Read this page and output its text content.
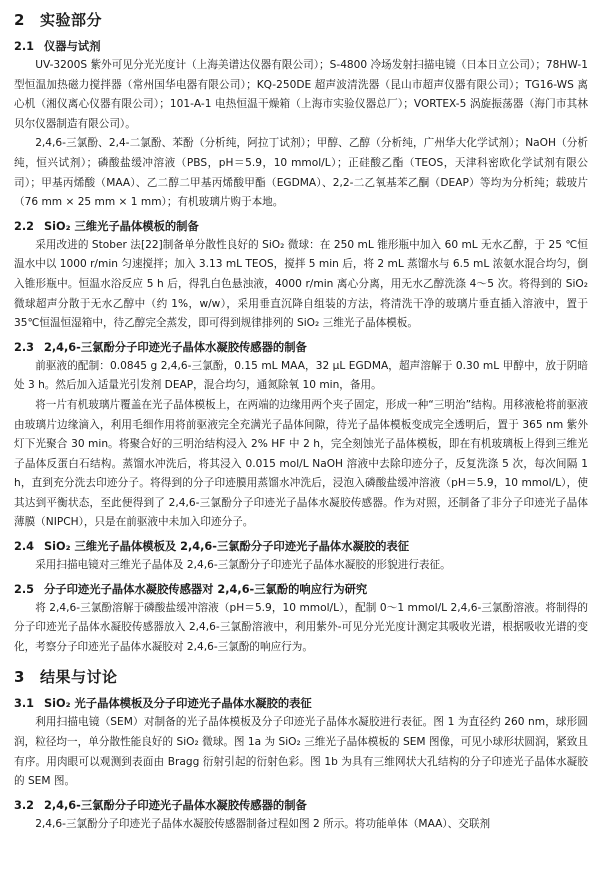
2 实验部分
2.1 仪器与试剂

UV-3200S 紫外可见分光光度计（上海美谱达仪器有限公司）；S-4800 冷场发射扫描电镜（日本日立公司）；78HW-1 型恒温加热磁力搅拌器（常州国华电器有限公司）；KQ-250DE 超声波清洗器（昆山市超声仪器有限公司）；TG16-WS 离心机（湘仪离心仪器有限公司）；101-A-1 电热恒温干燥箱（上海市实验仪器总厂）；VORTEX-5 涡旋振荡器（海门市其林贝尔仪器制造有限公司）。

2,4,6-三氯酚、2,4-二氯酚、苯酚（分析纯，阿拉丁试剂）；甲醇、乙醇（分析纯，广州华大化学试剂）；NaOH（分析纯，恒兴试剂）；磷酸盐缓冲溶液（PBS，pH＝5.9，10 mmol/L）；正硅酸乙酯（TEOS，天津科密欧化学试剂有限公司）；甲基丙烯酸（MAA）、乙二醇二甲基丙烯酸甲酯（EGDMA）、2,2-二乙氧基苯乙酮（DEAP）等均为分析纯；载玻片（76 mm × 25 mm × 1 mm）；有机玻璃片购于本地。

2.2 SiO₂ 三维光子晶体模板的制备

采用改进的 Stober 法[22]制备单分散性良好的 SiO₂ 微球：在 250 mL 锥形瓶中加入 60 mL 无水乙醇，于 25 ℃恒温水中以 1000 r/min 匀速搅拌；加入 3.13 mL TEOS，搅拌 5 min 后，将 2 mL 蒸馏水与 6.5 mL 浓氨水混合均匀，倒入锥形瓶中。恒温水浴反应 5 h 后，得乳白色悬浊液，4000 r/min 离心分离，用无水乙醇洗涤 4～5 次。将得到的 SiO₂ 微球超声分散于无水乙醇中（约 1%，w/w），采用垂直沉降自组装的方法，将清洗干净的玻璃片垂直插入溶液中，置于 35℃恒温恒湿箱中，待乙醇完全蒸发，即可得到规律排列的 SiO₂ 三维光子晶体模板。

2.3 2,4,6-三氯酚分子印迹光子晶体水凝胶传感器的制备

前驱液的配制：0.0845 g 2,4,6-三氯酚，0.15 mL MAA，32 μL EGDMA，超声溶解于 0.30 mL 甲醇中，放于阴暗处 3 h。然后加入适量光引发剂 DEAP，混合均匀，通氮除氧 10 min，备用。

将一片有机玻璃片覆盖在光子晶体模板上，在两端的边缘用两个夹子固定，形成一种“三明治”结构。用移液枪将前驱液由玻璃片边缘滴入，利用毛细作用将前驱液完全充满光子晶体间隙，待光子晶体模板变成完全透明后，置于 365 nm 紫外灯下光聚合 30 min。将聚合好的三明治结构浸入 2% HF 中 2 h，完全刻蚀光子晶体模板，即在有机玻璃板上得到三维光子晶体反蛋白石结构。蒸馏水冲洗后，将其浸入 0.015 mol/L NaOH 溶液中去除印迹分子，反复洗涤 5 次，每次间隔 1 h，直到充分洗去印迹分子。将得到的分子印迹膜用蒸馏水冲洗后，浸泡入磷酸盐缓冲溶液（pH＝5.9，10 mmol/L），使其达到平衡状态，至此便得到了 2,4,6-三氯酚分子印迹光子晶体水凝胶传感器。作为对照，还制备了非分子印迹光子晶体薄膜（NIPCH），只是在前驱液中未加入印迹分子。

2.4 SiO₂ 三维光子晶体模板及 2,4,6-三氯酚分子印迹光子晶体水凝胶的表征

采用扫描电镜对三维光子晶体及 2,4,6-三氯酚分子印迹光子晶体水凝胶的形貌进行表征。

2.5 分子印迹光子晶体水凝胶传感器对 2,4,6-三氯酚的响应行为研究

将 2,4,6-三氯酚溶解于磷酸盐缓冲溶液（pH＝5.9，10 mmol/L），配制 0～1 mmol/L 2,4,6-三氯酚溶液。将制得的分子印迹光子晶体水凝胶传感器放入 2,4,6-三氯酚溶液中，利用紫外-可见分光光度计测定其吸收光谱，根据吸收光谱的变化，考察分子印迹光子晶体水凝胶对 2,4,6-三氯酚的响应行为。

3 结果与讨论
3.1 SiO₂ 光子晶体模板及分子印迹光子晶体水凝胶的表征

利用扫描电镜（SEM）对制备的光子晶体模板及分子印迹光子晶体水凝胶进行表征。图 1 为直径约 260 nm，球形圆润，粒径均一，单分散性能良好的 SiO₂ 微球。图 1a 为 SiO₂ 三维光子晶体模板的 SEM 图像，可见小球形状圆润，紧致且有序。用肉眼可以观测到表面由 Bragg 衍射引起的衍射色彩。图 1b 为具有三维网状大孔结构的分子印迹光子晶体水凝胶的 SEM 图。

3.2 2,4,6-三氯酚分子印迹光子晶体水凝胶传感器的制备

2,4,6-三氯酚分子印迹光子晶体水凝胶传感器制备过程如图 2 所示。将功能单体（MAA）、交联剂
